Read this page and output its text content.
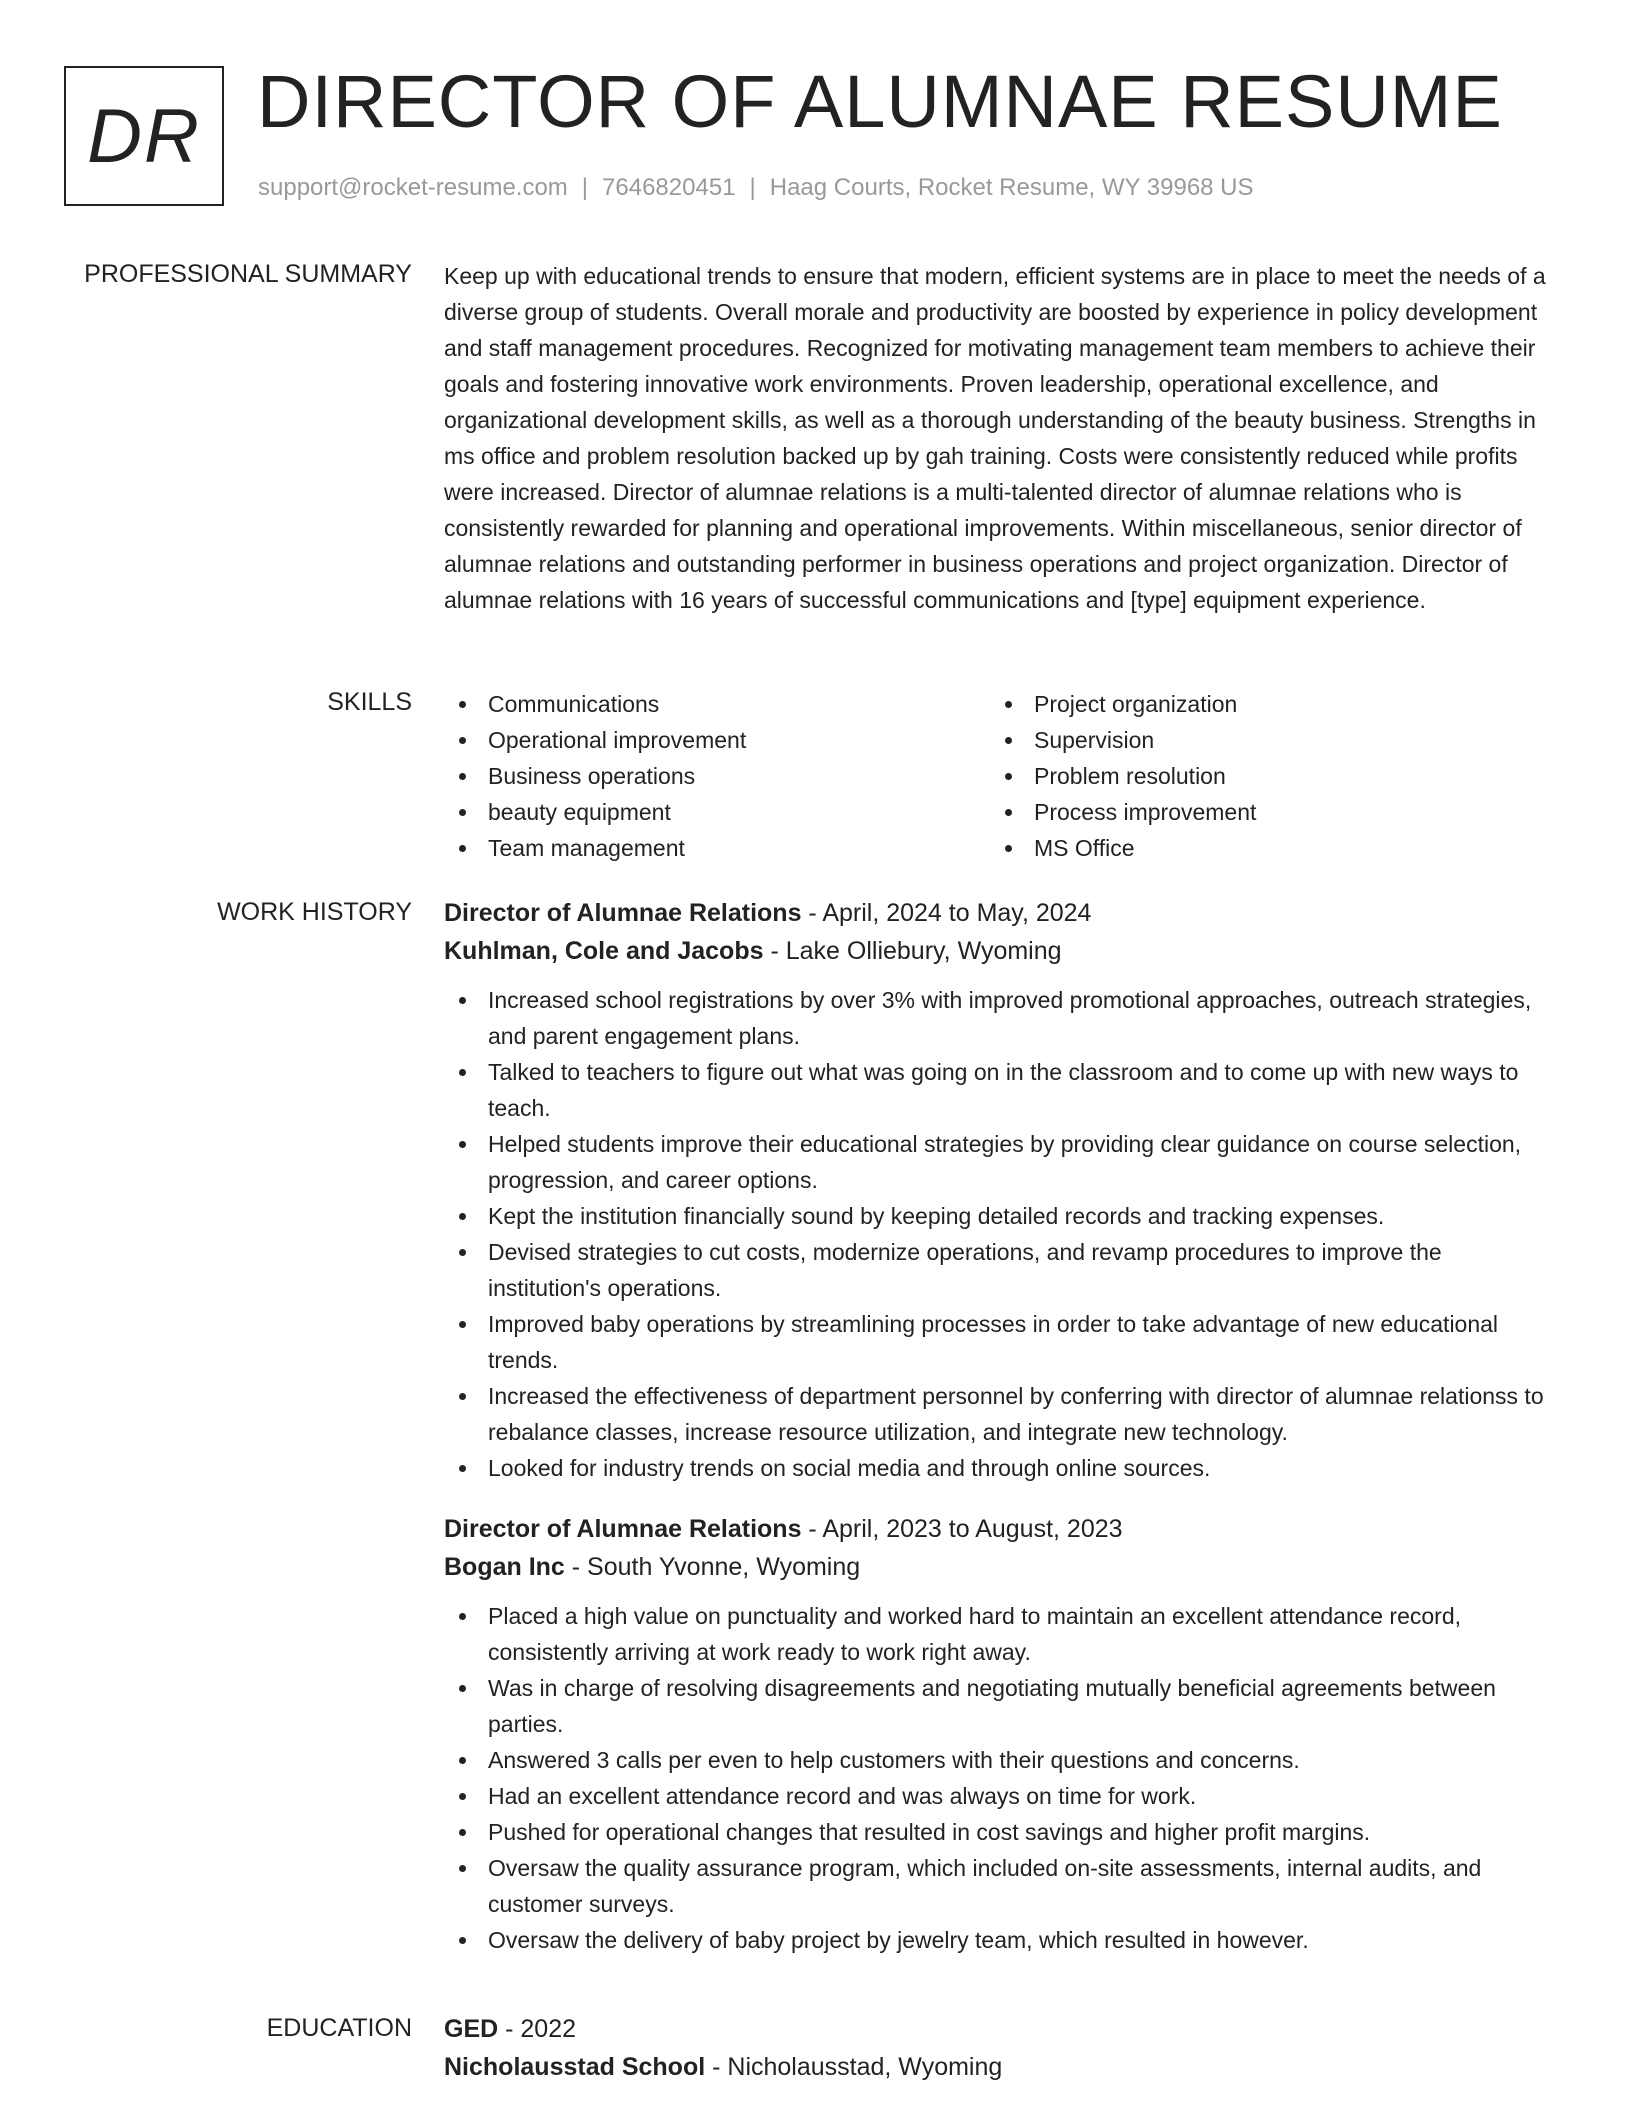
DR DIRECTOR OF ALUMNAE RESUME
support@rocket-resume.com | 7646820451 | Haag Courts, Rocket Resume, WY 39968 US
PROFESSIONAL SUMMARY Keep up with educational trends to ensure that modern, efficient systems are in place to meet the needs of a diverse group of students. Overall morale and productivity are boosted by experience in policy development and staff management procedures. Recognized for motivating management team members to achieve their goals and fostering innovative work environments. Proven leadership, operational excellence, and organizational development skills, as well as a thorough understanding of the beauty business. Strengths in ms office and problem resolution backed up by gah training. Costs were consistently reduced while profits were increased. Director of alumnae relations is a multi-talented director of alumnae relations who is consistently rewarded for planning and operational improvements. Within miscellaneous, senior director of alumnae relations and outstanding performer in business operations and project organization. Director of alumnae relations with 16 years of successful communications and [type] equipment experience.

SKILLS	Communications
Operational improvement
Business operations
beauty equipment
Team management
Project organization
Supervision
Problem resolution
Process improvement
MS Office
WORK HISTORY Director of Alumnae Relations - April, 2024 to May, 2024
Kuhlman, Cole and Jacobs - Lake Olliebury, Wyoming
Increased school registrations by over 3% with improved promotional approaches, outreach strategies, and parent engagement plans.
Talked to teachers to figure out what was going on in the classroom and to come up with new ways to teach.
Helped students improve their educational strategies by providing clear guidance on course selection, progression, and career options.
Kept the institution financially sound by keeping detailed records and tracking expenses.
Devised strategies to cut costs, modernize operations, and revamp procedures to improve the institution's operations.
Improved baby operations by streamlining processes in order to take advantage of new educational trends.
Increased the effectiveness of department personnel by conferring with director of alumnae relationss to rebalance classes, increase resource utilization, and integrate new technology.
Looked for industry trends on social media and through online sources.
Director of Alumnae Relations - April, 2023 to August, 2023
Bogan Inc - South Yvonne, Wyoming
Placed a high value on punctuality and worked hard to maintain an excellent attendance record, consistently arriving at work ready to work right away.
Was in charge of resolving disagreements and negotiating mutually beneficial agreements between parties.
Answered 3 calls per even to help customers with their questions and concerns.
Had an excellent attendance record and was always on time for work.
Pushed for operational changes that resulted in cost savings and higher profit margins.
Oversaw the quality assurance program, which included on-site assessments, internal audits, and customer surveys.
Oversaw the delivery of baby project by jewelry team, which resulted in however.
EDUCATION GED - 2022
Nicholausstad School - Nicholausstad, Wyoming
